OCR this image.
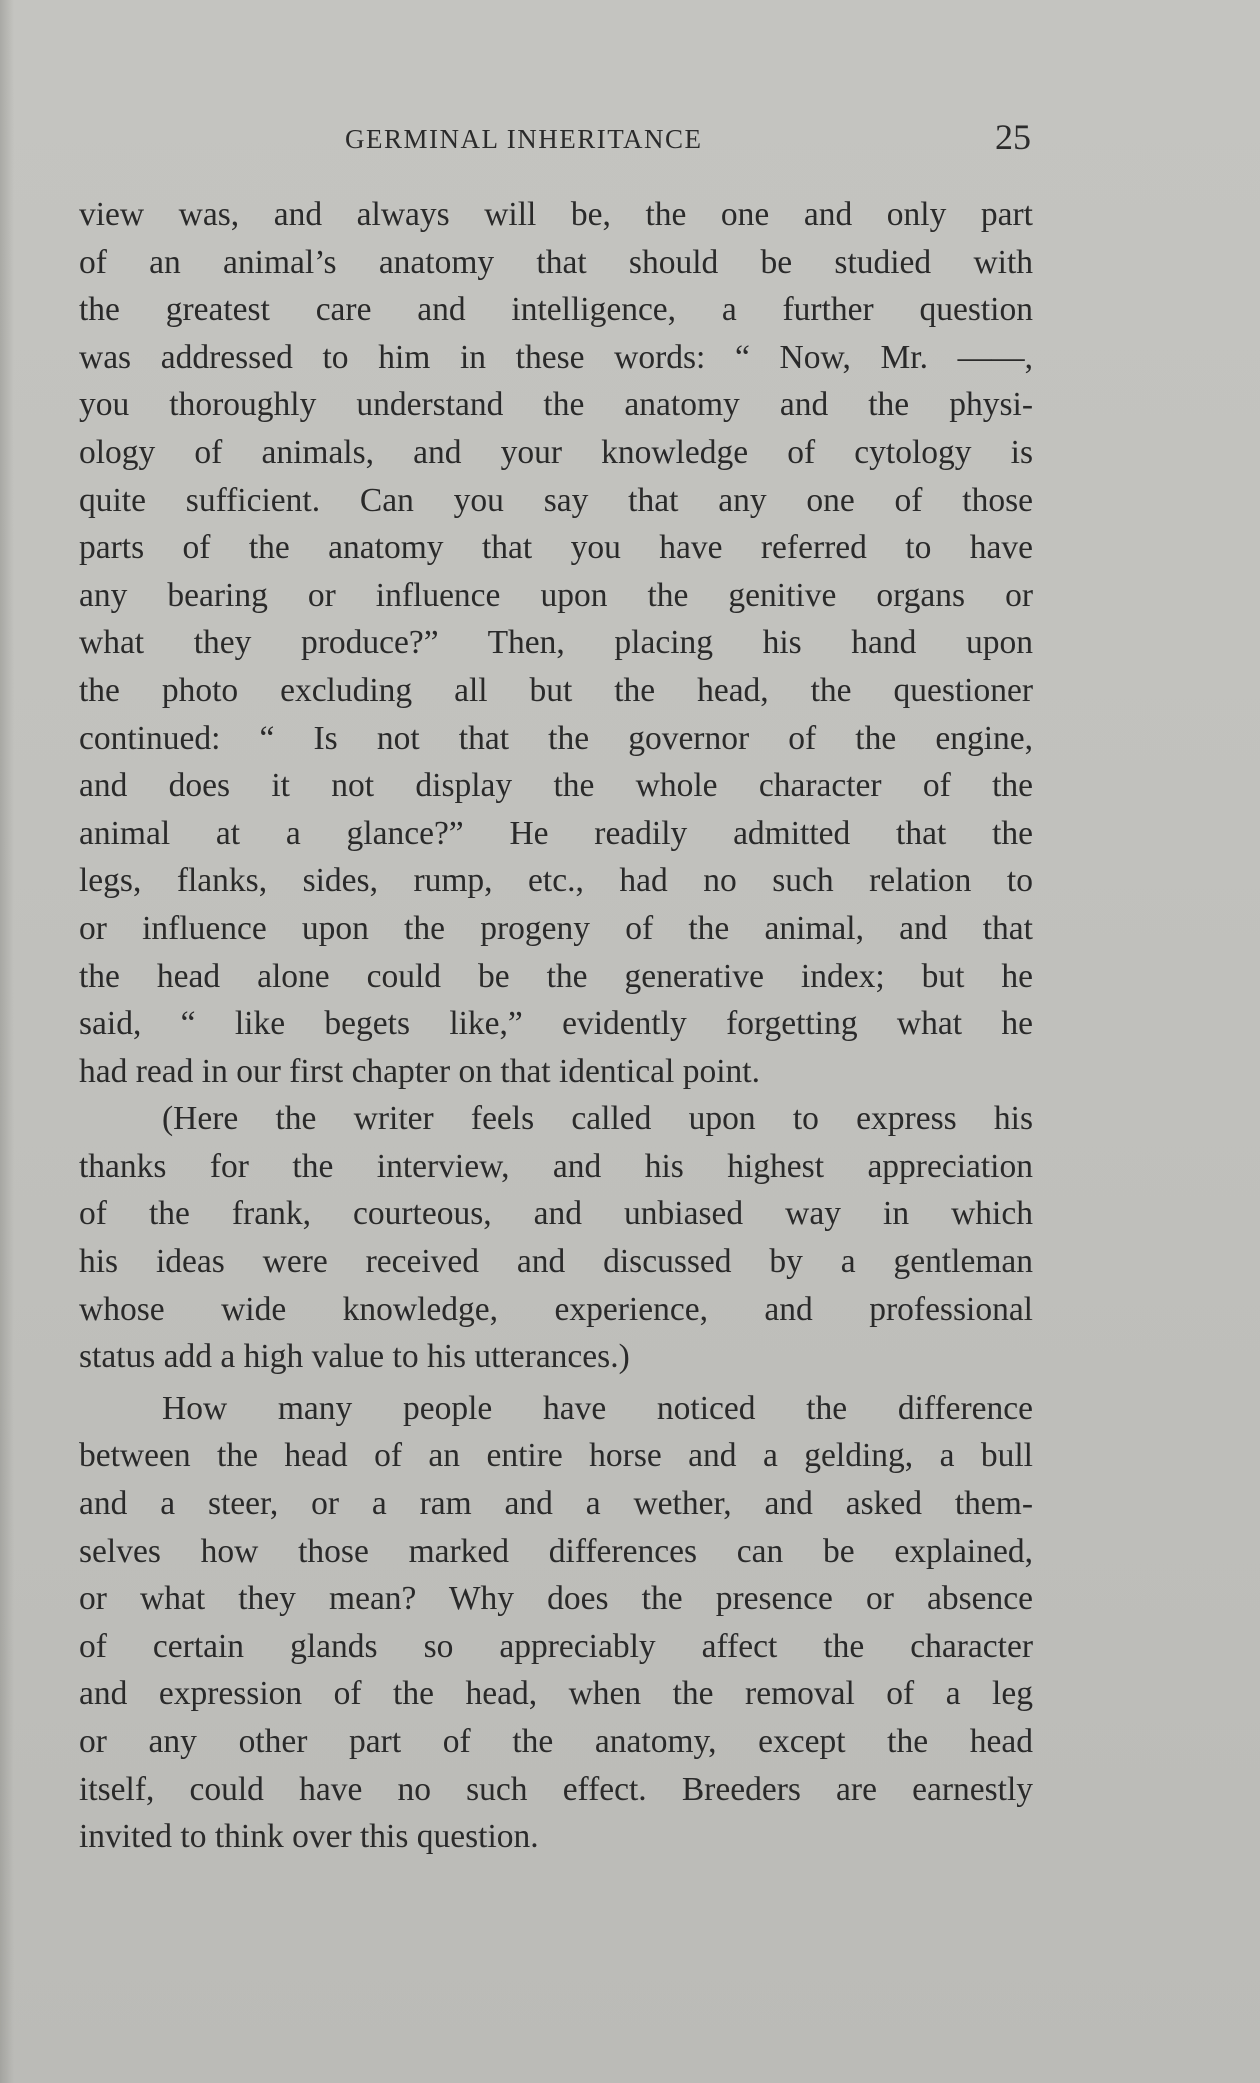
GERMINAL INHERITANCE	25
view was, and always will be, the one and only part
of an animal’s anatomy that should be studied with
the greatest care and intelligence, a further question
was addressed to him in these words: “ Now, Mr. ——,
you thoroughly understand the anatomy and the physi-
ology of animals, and your knowledge of cytology is
quite sufficient. Can you say that any one of those
parts of the anatomy that you have referred to have
any bearing or influence upon the genitive organs or
what they produce?” Then, placing his hand upon
the photo excluding all but the head, the questioner
continued: “ Is not that the governor of the engine,
and does it not display the whole character of the
animal at a glance?” He readily admitted that the
legs, flanks, sides, rump, etc., had no such relation to
or influence upon the progeny of the animal, and that
the head alone could be the generative index; but he
said, “ like begets like,” evidently forgetting what he
had read in our first chapter on that identical point.
(Here the writer feels called upon to express his
thanks for the interview, and his highest appreciation
of the frank, courteous, and unbiased way in which
his ideas were received and discussed by a gentleman
whose wide knowledge, experience, and professional
status add a high value to his utterances.)
How many people have noticed the difference
between the head of an entire horse and a gelding, a bull
and a steer, or a ram and a wether, and asked them-
selves how those marked differences can be explained,
or what they mean? Why does the presence or absence
of certain glands so appreciably affect the character
and expression of the head, when the removal of a leg
or any other part of the anatomy, except the head
itself, could have no such effect. Breeders are earnestly
invited to think over this question.
